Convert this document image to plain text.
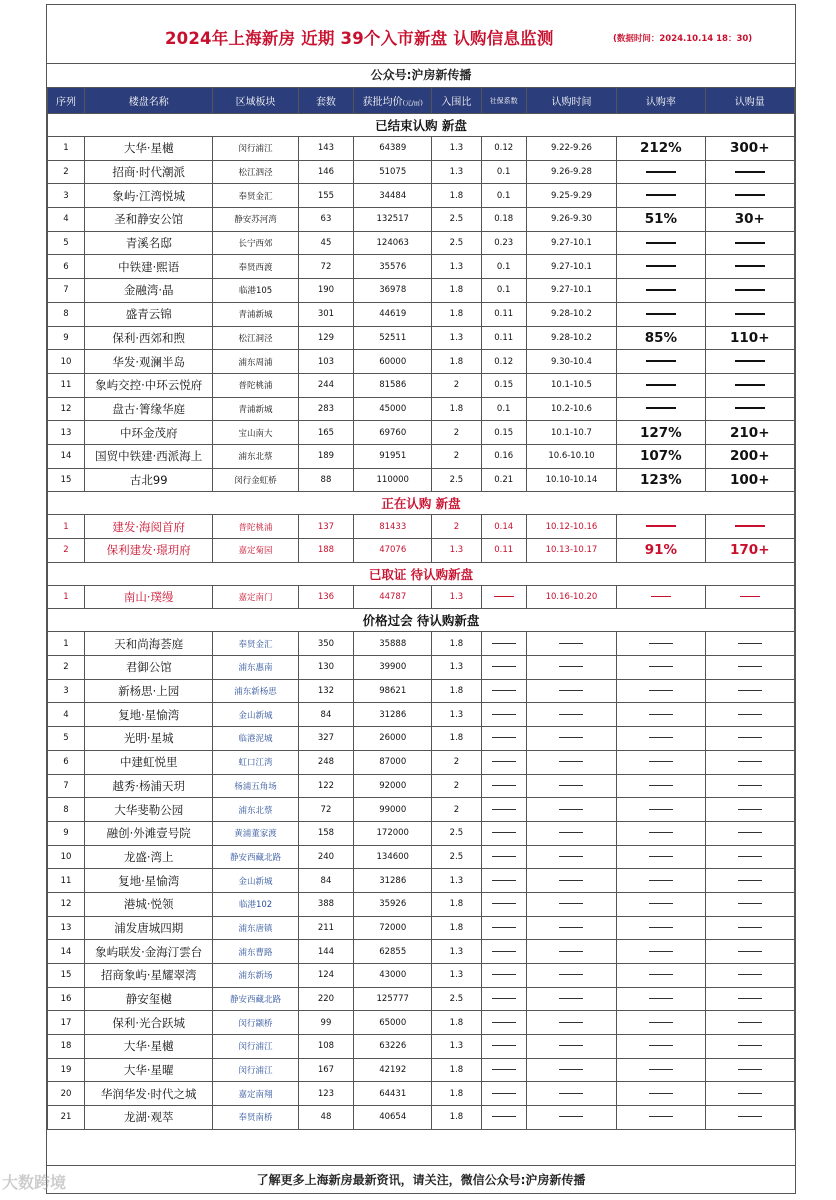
2024年上海新房 近期 39个入市新盘 认购信息监测	(数据时间：2024.10.14 18：30)
公众号:沪房新传播
序列	楼盘名称	区域板块	套数	获批均价(元/㎡)	入围比	社保系数	认购时间	认购率	认购量
已结束认购 新盘									
1	大华·星樾	闵行浦江	143	64389	1.3	0.12	9.22-9.26	212%	300+
2	招商·时代潮派	松江泗泾	146	51075	1.3	0.1	9.26-9.28		
3	象屿·江湾悦城	奉贤金汇	155	34484	1.8	0.1	9.25-9.29		
4	圣和静安公馆	静安苏河湾	63	132517	2.5	0.18	9.26-9.30	51%	30+
5	青溪名邸	长宁西郊	45	124063	2.5	0.23	9.27-10.1		
6	中铁建·熙语	奉贤西渡	72	35576	1.3	0.1	9.27-10.1		
7	金融湾·晶	临港105	190	36978	1.8	0.1	9.27-10.1		
8	盛青云锦	青浦新城	301	44619	1.8	0.11	9.28-10.2		
9	保利·西郊和煦	松江洞泾	129	52511	1.3	0.11	9.28-10.2	85%	110+
10	华发·观澜半岛	浦东周浦	103	60000	1.8	0.12	9.30-10.4		
11	象屿交控·中环云悦府	普陀桃浦	244	81586	2	0.15	10.1-10.5		
12	盘古·箐缘华庭	青浦新城	283	45000	1.8	0.1	10.2-10.6		
13	中环金茂府	宝山南大	165	69760	2	0.15	10.1-10.7	127%	210+
14	国贸中铁建·西派海上	浦东北蔡	189	91951	2	0.16	10.6-10.10	107%	200+
15	古北99	闵行金虹桥	88	110000	2.5	0.21	10.10-10.14	123%	100+
正在认购 新盘									
1	建发·海阅首府	普陀桃浦	137	81433	2	0.14	10.12-10.16		
2	保利建发·璟玥府	嘉定菊园	188	47076	1.3	0.11	10.13-10.17	91%	170+
已取证 待认购新盘									
1	南山·璞缦	嘉定南门	136	44787	1.3		10.16-10.20		
价格过会 待认购新盘									
1	天和尚海荟庭	奉贤金汇	350	35888	1.8				
2	君御公馆	浦东惠南	130	39900	1.3				
3	新杨思·上园	浦东新杨思	132	98621	1.8				
4	复地·星愉湾	金山新城	84	31286	1.3				
5	光明·星城	临港泥城	327	26000	1.8				
6	中建虹悦里	虹口江湾	248	87000	2				
7	越秀·杨浦天玥	杨浦五角场	122	92000	2				
8	大华斐勒公园	浦东北蔡	72	99000	2				
9	融创·外滩壹号院	黄浦董家渡	158	172000	2.5				
10	龙盛·湾上	静安西藏北路	240	134600	2.5				
11	复地·星愉湾	金山新城	84	31286	1.3				
12	港城·悦领	临港102	388	35926	1.8				
13	浦发唐城四期	浦东唐镇	211	72000	1.8				
14	象屿联发·金海汀雲台	浦东曹路	144	62855	1.3				
15	招商象屿·星耀翠湾	浦东新场	124	43000	1.3				
16	静安玺樾	静安西藏北路	220	125777	2.5				
17	保利·光合跃城	闵行颛桥	99	65000	1.8				
18	大华·星樾	闵行浦江	108	63226	1.3				
19	大华·星曜	闵行浦江	167	42192	1.8				
20	华润华发·时代之城	嘉定南翔	123	64431	1.8				
21	龙湖·观萃	奉贤南桥	48	40654	1.8				
了解更多上海新房最新资讯，请关注，微信公众号:沪房新传播
大数跨境
